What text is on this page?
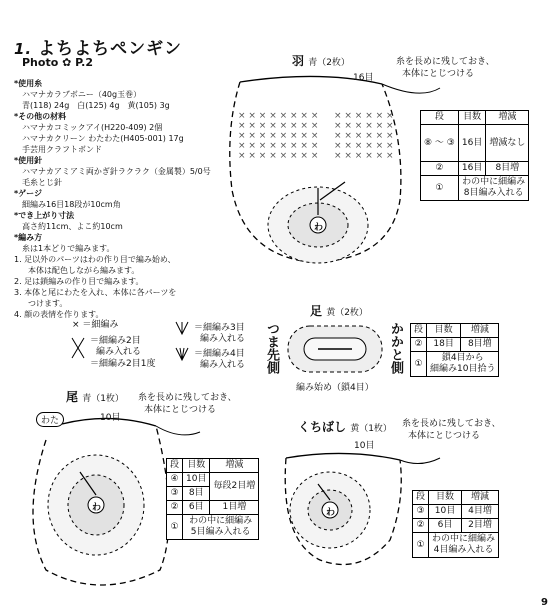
1. よちよちペンギン
Photo ✿ P.2
*使用糸
ハマナカラブボニー（40g玉巻）
青(118) 24g　白(125) 4g　黄(105) 3g
*その他の材料
ハマナカコミックアイ(H220-409) 2個
ハマナカクリーン わたわた(H405-001) 17g
手芸用クラフトボンド
*使用針
ハマナカアミアミ両かぎ針ラクラク（金属製）5/0号
毛糸とじ針
*ゲージ
細編み16目18段が10cm角
*でき上がり寸法
高さ約11cm、よこ約10cm
*編み方
糸は1本どりで編みます。
1. 足以外のパーツはわの作り目で編み始め、
本体は配色しながら編みます。
2. 足は鎖編みの作り目で編みます。
3. 本体と尾にわたを入れ、本体に各パーツを
つけます。
4. 顔の表情を作ります。
× × × × × × × ×
× × × × × × × ×
× × × × × × × ×
× × × × × × × ×
× × × × × × × ×
× × × × × ×
× × × × × ×
× × × × × ×
× × × × × ×
× × × × × ×
× ＝細編み
＝細編み2目
編み入れる
＝細編み2目1度
＝細編み3目
編み入れる
＝細編み4目
編み入れる
羽 青（2枚）
16目
糸を長めに残しておき、
本体にとじつける
わ
段	目数	増減
⑧ 〜 ③	16目	増減なし
②	16目	8目増
①	わの中に細編み
8目編み入れる	
足 黄（2枚）
つま先側	かかと側
編み始め（鎖4目）
段	目数	増減
②	18目	8目増
①	鎖4目から
細編み10目拾う	
尾 青（1枚） 糸を長めに残しておき、
本体にとじつける
10目
わた
わ
段	目数	増減
④	10目	毎段2目増
③	8目	
②	6目	1目増
①	わの中に細編み
5目編み入れる	
くちばし 黄（1枚） 糸を長めに残しておき、
本体にとじつける
10目
わ
段	目数	増減
③	10目	4目増
②	6目	2目増
①	わの中に細編み
4目編み入れる	
9
